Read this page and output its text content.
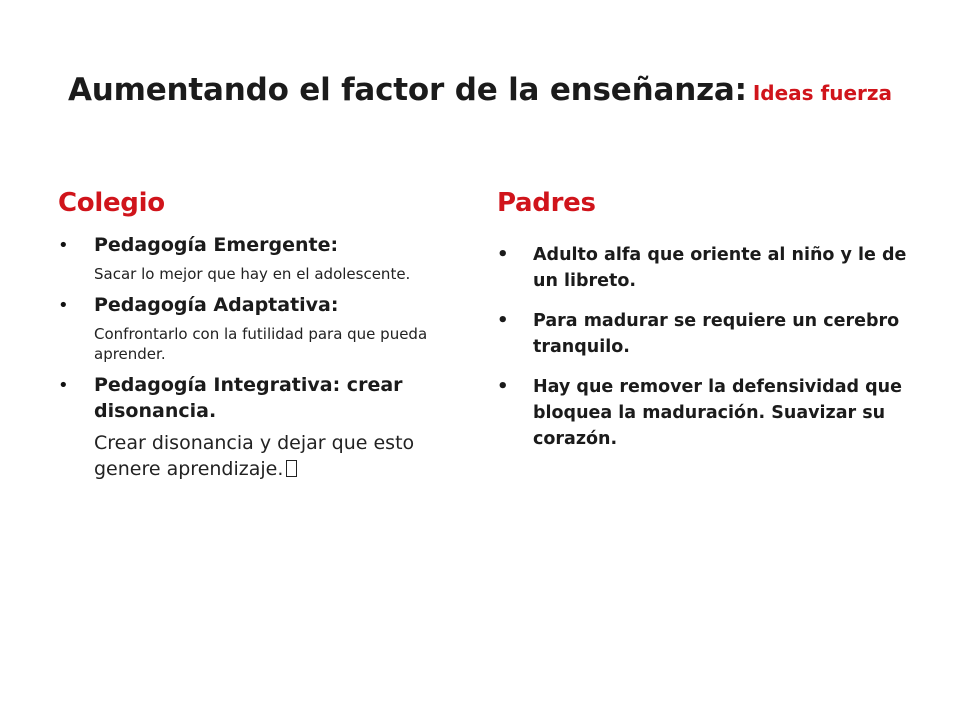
Aumentando el factor de la enseñanza: Ideas fuerza
Colegio
• Pedagogía Emergente:
Sacar lo mejor que hay en el adolescente.
• Pedagogía Adaptativa:
Confrontarlo con la futilidad para que pueda aprender.
• Pedagogía Integrativa: crear disonancia.
Crear disonancia y dejar que esto genere aprendizaje.
Padres
• Adulto alfa que oriente al niño y le de un libreto.
• Para madurar se requiere un cerebro tranquilo.
• Hay que remover la defensividad que bloquea la maduración. Suavizar su corazón.
